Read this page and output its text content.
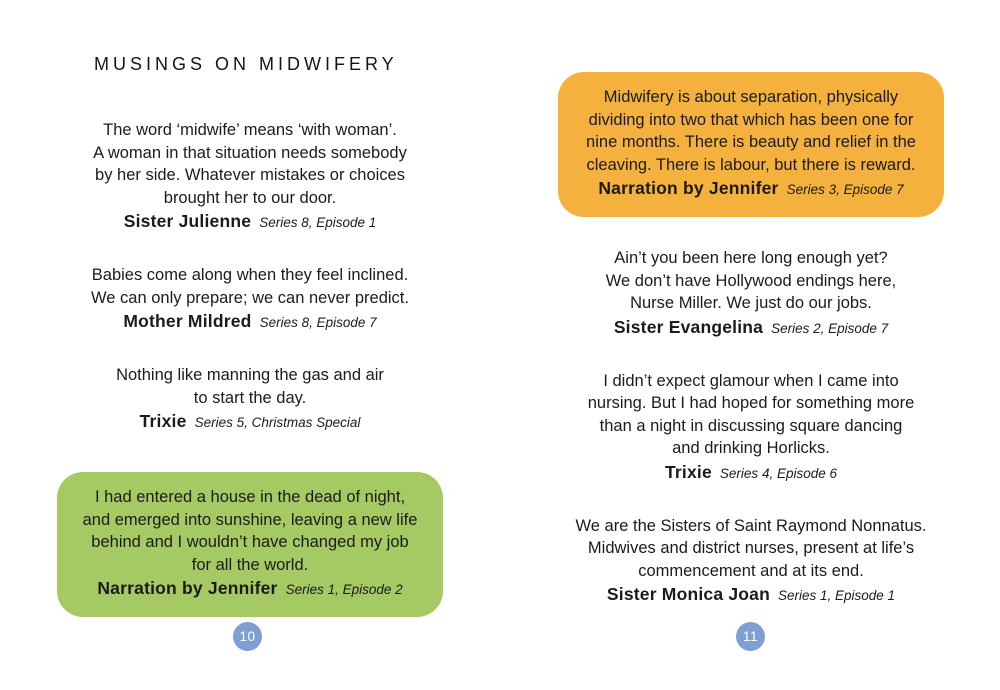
MUSINGS ON MIDWIFERY
The word ‘midwife’ means ‘with woman’.
A woman in that situation needs somebody
by her side. Whatever mistakes or choices
brought her to our door.
Sister Julienne Series 8, Episode 1
Babies come along when they feel inclined.
We can only prepare; we can never predict.
Mother Mildred Series 8, Episode 7
Nothing like manning the gas and air
to start the day.
Trixie Series 5, Christmas Special
I had entered a house in the dead of night,
and emerged into sunshine, leaving a new life
behind and I wouldn’t have changed my job
for all the world.
Narration by Jennifer Series 1, Episode 2
Midwifery is about separation, physically
dividing into two that which has been one for
nine months. There is beauty and relief in the
cleaving. There is labour, but there is reward.
Narration by Jennifer Series 3, Episode 7
Ain’t you been here long enough yet?
We don’t have Hollywood endings here,
Nurse Miller. We just do our jobs.
Sister Evangelina Series 2, Episode 7
I didn’t expect glamour when I came into
nursing. But I had hoped for something more
than a night in discussing square dancing
and drinking Horlicks.
Trixie Series 4, Episode 6
We are the Sisters of Saint Raymond Nonnatus.
Midwives and district nurses, present at life’s
commencement and at its end.
Sister Monica Joan Series 1, Episode 1
10	11
